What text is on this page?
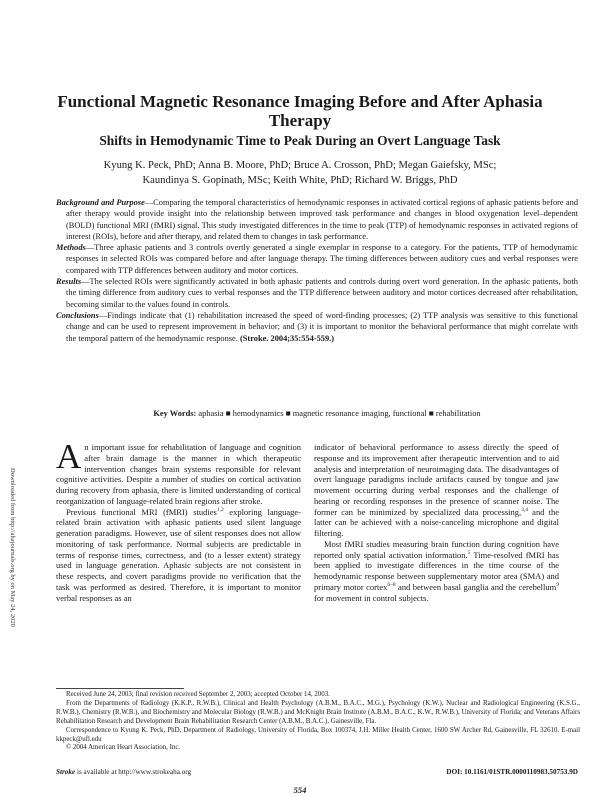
Functional Magnetic Resonance Imaging Before and After Aphasia Therapy
Shifts in Hemodynamic Time to Peak During an Overt Language Task
Kyung K. Peck, PhD; Anna B. Moore, PhD; Bruce A. Crosson, PhD; Megan Gaiefsky, MSc;
Kaundinya S. Gopinath, MSc; Keith White, PhD; Richard W. Briggs, PhD

Background and Purpose—Comparing the temporal characteristics of hemodynamic responses in activated cortical regions of aphasic patients before and after therapy would provide insight into the relationship between improved task performance and changes in blood oxygenation level–dependent (BOLD) functional MRI (fMRI) signal. This study investigated differences in the time to peak (TTP) of hemodynamic responses in activated regions of interest (ROIs), before and after therapy, and related them to changes in task performance.

Methods—Three aphasic patients and 3 controls overtly generated a single exemplar in response to a category. For the patients, TTP of hemodynamic responses in selected ROIs was compared before and after language therapy. The timing differences between auditory cues and verbal responses were compared with TTP differences between auditory and motor cortices.

Results—The selected ROIs were significantly activated in both aphasic patients and controls during overt word generation. In the aphasic patients, both the timing difference from auditory cues to verbal responses and the TTP difference between auditory and motor cortices decreased after rehabilitation, becoming similar to the values found in controls.

Conclusions—Findings indicate that (1) rehabilitation increased the speed of word-finding processes; (2) TTP analysis was sensitive to this functional change and can be used to represent improvement in behavior; and (3) it is important to monitor the behavioral performance that might correlate with the temporal pattern of the hemodynamic response. (Stroke. 2004;35:554-559.)

Key Words: aphasia ■ hemodynamics ■ magnetic resonance imaging, functional ■ rehabilitation
Downloaded from http://ahajournals.org by on May 24, 2020

An important issue for rehabilitation of language and cognition after brain damage is the manner in which therapeutic intervention changes brain systems responsible for relevant cognitive activities. Despite a number of studies on cortical activation during recovery from aphasia, there is limited understanding of cortical reorganization of language-related brain regions after stroke.

Previous functional MRI (fMRI) studies$^{1,2}$ exploring language-related brain activation with aphasic patients used silent language generation paradigms. However, use of silent responses does not allow monitoring of task performance. Normal subjects are predictable in terms of response times, correctness, and (to a lesser extent) strategy used in language generation. Aphasic subjects are not consistent in these respects, and covert paradigms provide no verification that the task was performed as desired. Therefore, it is important to monitor verbal responses as an

indicator of behavioral performance to assess directly the speed of response and its improvement after therapeutic intervention and to aid analysis and interpretation of neuroimaging data. The disadvantages of overt language paradigms include artifacts caused by tongue and jaw movement occurring during verbal responses and the challenge of hearing or recording responses in the presence of scanner noise. The former can be minimized by specialized data processing,$^{3,4}$ and the latter can be achieved with a noise-canceling microphone and digital filtering.

Most fMRI studies measuring brain function during cognition have reported only spatial activation information.$^5$ Time-resolved fMRI has been applied to investigate differences in the time course of the hemodynamic response between supplementary motor area (SMA) and primary motor cortex$^{6-8}$ and between basal ganglia and the cerebellum$^9$ for movement in control subjects.

Received June 24, 2003; final revision received September 2, 2003; accepted October 14, 2003.

From the Departments of Radiology (K.K.P., R.W.B.), Clinical and Health Psychology (A.B.M., B.A.C., M.G.), Psychology (K.W.), Nuclear and Radiological Engineering (K.S.G., R.W.B.), Chemistry (R.W.B.), and Biochemistry and Molecular Biology (R.W.B.) and McKnight Brain Institute (A.B.M., B.A.C., K.W., R.W.B.), University of Florida; and Veterans Affairs Rehabilitation Research and Development Brain Rehabilitation Research Center (A.B.M., B.A.C.), Gainesville, Fla.

Correspondence to Kyung K. Peck, PhD, Department of Radiology, University of Florida, Box 100374, J.H. Miller Health Center, 1600 SW Archer Rd, Gainesville, FL 32610. E-mail kkpeck@ufl.edu

© 2004 American Heart Association, Inc.

Stroke is available at http://www.strokeaha.org	DOI: 10.1161/01STR.0000110983.50753.9D
554
